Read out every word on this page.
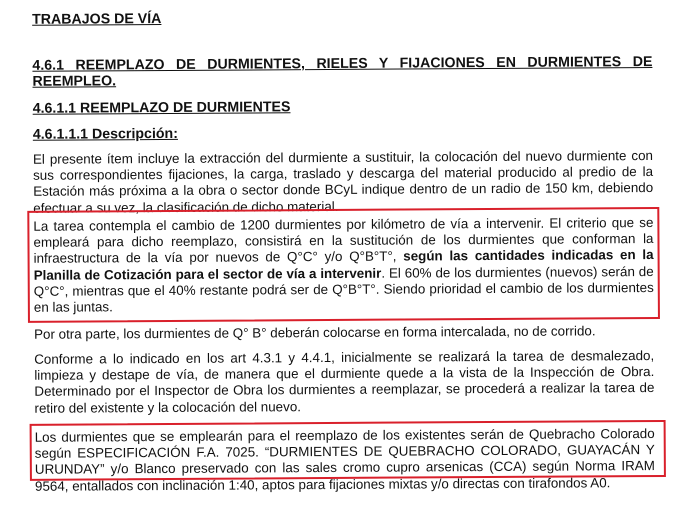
TRABAJOS DE VÍA
4.6.1 REEMPLAZO DE DURMIENTES, RIELES Y FIJACIONES EN DURMIENTES DE REEMPLEO.
4.6.1.1 REEMPLAZO DE DURMIENTES
4.6.1.1.1 Descripción:
El presente ítem incluye la extracción del durmiente a sustituir, la colocación del nuevo durmiente con sus correspondientes fijaciones, la carga, traslado y descarga del material producido al predio de la Estación más próxima a la obra o sector donde BCyL indique dentro de un radio de 150 km, debiendo efectuar a su vez, la clasificación de dicho material.
La tarea contempla el cambio de 1200 durmientes por kilómetro de vía a intervenir. El criterio que se empleará para dicho reemplazo, consistirá en la sustitución de los durmientes que conforman la infraestructura de la vía por nuevos de Q°C° y/o Q°B°T°, según las cantidades indicadas en la Planilla de Cotización para el sector de vía a intervenir. El 60% de los durmientes (nuevos) serán de Q°C°, mientras que el 40% restante podrá ser de Q°B°T°. Siendo prioridad el cambio de los durmientes en las juntas.
Por otra parte, los durmientes de Q° B° deberán colocarse en forma intercalada, no de corrido.
Conforme a lo indicado en los art 4.3.1 y 4.4.1, inicialmente se realizará la tarea de desmalezado, limpieza y destape de vía, de manera que el durmiente quede a la vista de la Inspección de Obra. Determinado por el Inspector de Obra los durmientes a reemplazar, se procederá a realizar la tarea de retiro del existente y la colocación del nuevo.
Los durmientes que se emplearán para el reemplazo de los existentes serán de Quebracho Colorado según ESPECIFICACIÓN F.A. 7025. “DURMIENTES DE QUEBRACHO COLORADO, GUAYACÁN Y URUNDAY” y/o Blanco preservado con las sales cromo cupro arsenicas (CCA) según Norma IRAM 9564, entallados con inclinación 1:40, aptos para fijaciones mixtas y/o directas con tirafondos A0.
